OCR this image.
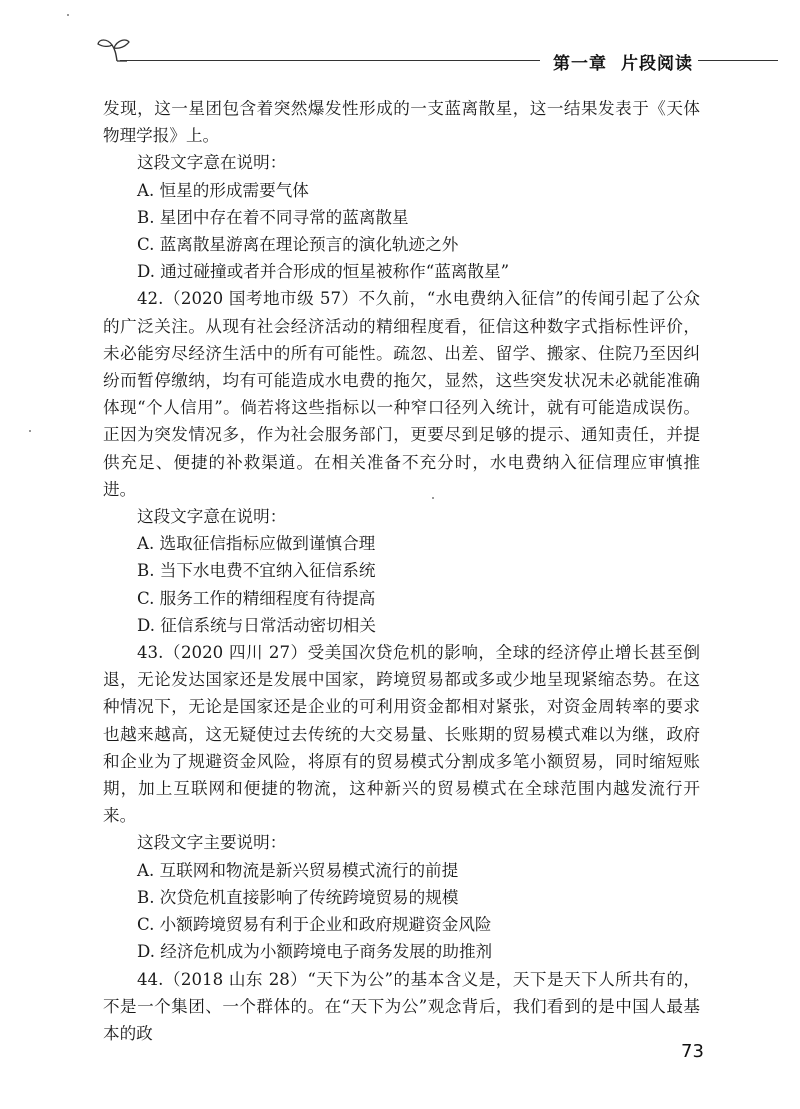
第一章 片段阅读

发现，这一星团包含着突然爆发性形成的一支蓝离散星，这一结果发表于《天体物理学报》上。

这段文字意在说明：

A. 恒星的形成需要气体

B. 星团中存在着不同寻常的蓝离散星

C. 蓝离散星游离在理论预言的演化轨迹之外

D. 通过碰撞或者并合形成的恒星被称作“蓝离散星”

42.（2020 国考地市级 57）不久前，“水电费纳入征信”的传闻引起了公众的广泛关注。从现有社会经济活动的精细程度看，征信这种数字式指标性评价，未必能穷尽经济生活中的所有可能性。疏忽、出差、留学、搬家、住院乃至因纠纷而暂停缴纳，均有可能造成水电费的拖欠，显然，这些突发状况未必就能准确体现“个人信用”。倘若将这些指标以一种窄口径列入统计，就有可能造成误伤。正因为突发情况多，作为社会服务部门，更要尽到足够的提示、通知责任，并提供充足、便捷的补救渠道。在相关准备不充分时，水电费纳入征信理应审慎推进。

这段文字意在说明：

A. 选取征信指标应做到谨慎合理

B. 当下水电费不宜纳入征信系统

C. 服务工作的精细程度有待提高

D. 征信系统与日常活动密切相关

43.（2020 四川 27）受美国次贷危机的影响，全球的经济停止增长甚至倒退，无论发达国家还是发展中国家，跨境贸易都或多或少地呈现紧缩态势。在这种情况下，无论是国家还是企业的可利用资金都相对紧张，对资金周转率的要求也越来越高，这无疑使过去传统的大交易量、长账期的贸易模式难以为继，政府和企业为了规避资金风险，将原有的贸易模式分割成多笔小额贸易，同时缩短账期，加上互联网和便捷的物流，这种新兴的贸易模式在全球范围内越发流行开来。

这段文字主要说明：

A. 互联网和物流是新兴贸易模式流行的前提

B. 次贷危机直接影响了传统跨境贸易的规模

C. 小额跨境贸易有利于企业和政府规避资金风险

D. 经济危机成为小额跨境电子商务发展的助推剂

44.（2018 山东 28）“天下为公”的基本含义是，天下是天下人所共有的，不是一个集团、一个群体的。在“天下为公”观念背后，我们看到的是中国人最基本的政

73
